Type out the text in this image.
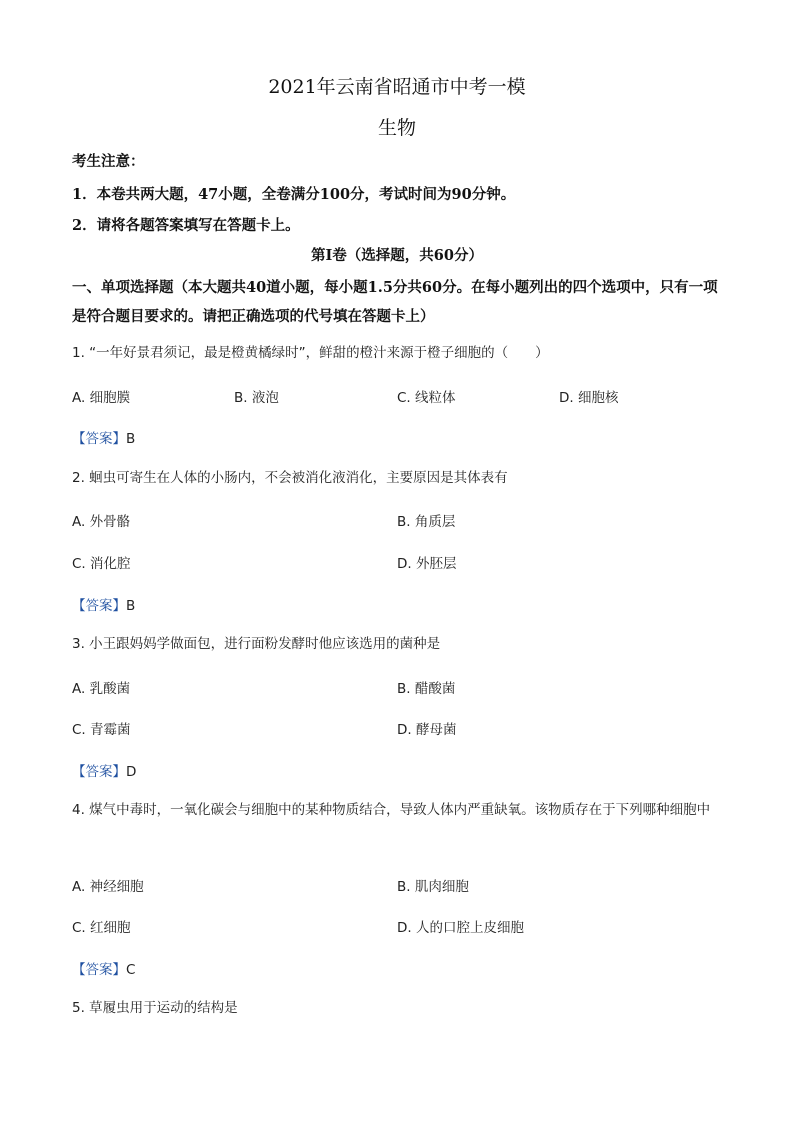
2021年云南省昭通市中考一模
生物
考生注意：
1．本卷共两大题，47小题，全卷满分100分，考试时间为90分钟。
2．请将各题答案填写在答题卡上。
第Ⅰ卷（选择题，共60分）
一、单项选择题（本大题共40道小题，每小题1.5分共60分。在每小题列出的四个选项中，只有一项是符合题目要求的。请把正确选项的代号填在答题卡上）
1. “一年好景君须记，最是橙黄橘绿时”，鲜甜的橙汁来源于橙子细胞的（　　）
A. 细胞膜	B. 液泡	C. 线粒体	D. 细胞核
【答案】B
2. 蛔虫可寄生在人体的小肠内，不会被消化液消化，主要原因是其体表有
A. 外骨骼	B. 角质层
C. 消化腔	D. 外胚层
【答案】B
3. 小王跟妈妈学做面包，进行面粉发酵时他应该选用的菌种是
A. 乳酸菌	B. 醋酸菌
C. 青霉菌	D. 酵母菌
【答案】D
4. 煤气中毒时，一氧化碳会与细胞中的某种物质结合，导致人体内严重缺氧。该物质存在于下列哪种细胞中
A. 神经细胞	B. 肌肉细胞
C. 红细胞	D. 人的口腔上皮细胞
【答案】C
5. 草履虫用于运动的结构是
